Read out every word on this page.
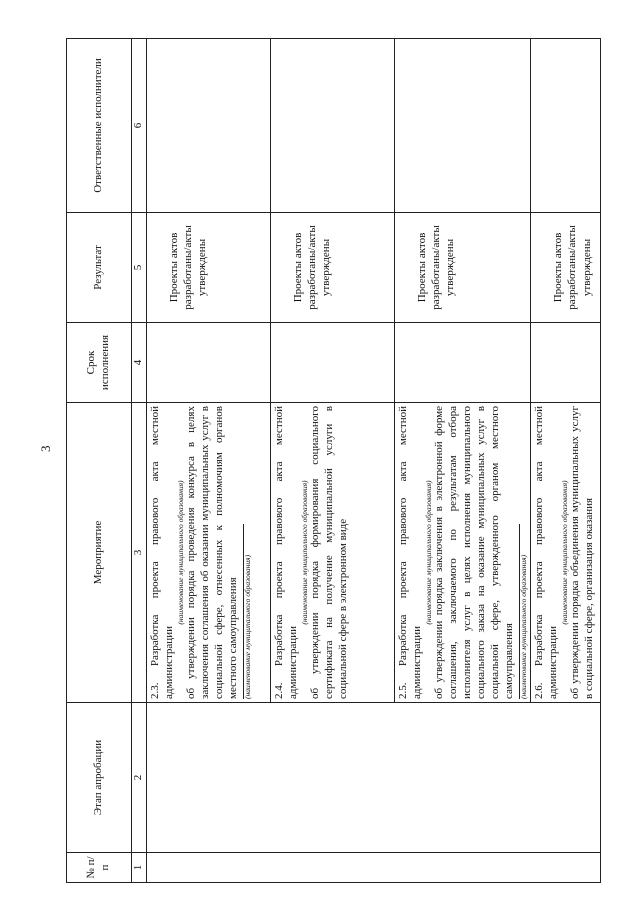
3
№ п/п	Этап апробации	Мероприятие	Срок исполнения	Результат	Ответственные исполнители
1	2	3	4	5	6

		2.3. Разработка проекта правового акта местной администрации
(наименование муниципального образования) об утверждении порядка проведения конкурса в целях заключения соглашения об оказании муниципальных услуг в социальной сфере, отнесенных к полномочиям органов местного самоуправления (наименование муниципального образования)		Проекты актов разработаны/акты утверждены	

		2.4. Разработка проекта правового акта местной администрации
(наименование муниципального образования) об утверждении порядка формирования социального сертификата на получение муниципальной услуги в социальной сфере в электронном виде		Проекты актов разработаны/акты утверждены	

		2.5. Разработка проекта правового акта местной администрации
(наименование муниципального образования) об утверждении порядка заключения в электронной форме соглашения, заключаемого по результатам отбора исполнителя услуг в целях исполнения муниципального социального заказа на оказание муниципальных услуг в социальной сфере, утвержденного органом местного самоуправления (наименование муниципального образования)		Проекты актов разработаны/акты утверждены	

		2.6. Разработка проекта правового акта местной администрации
(наименование муниципального образования) об утверждении порядка объединения муниципальных услуг в социальной сфере, организация оказания		Проекты актов разработаны/акты утверждены	
